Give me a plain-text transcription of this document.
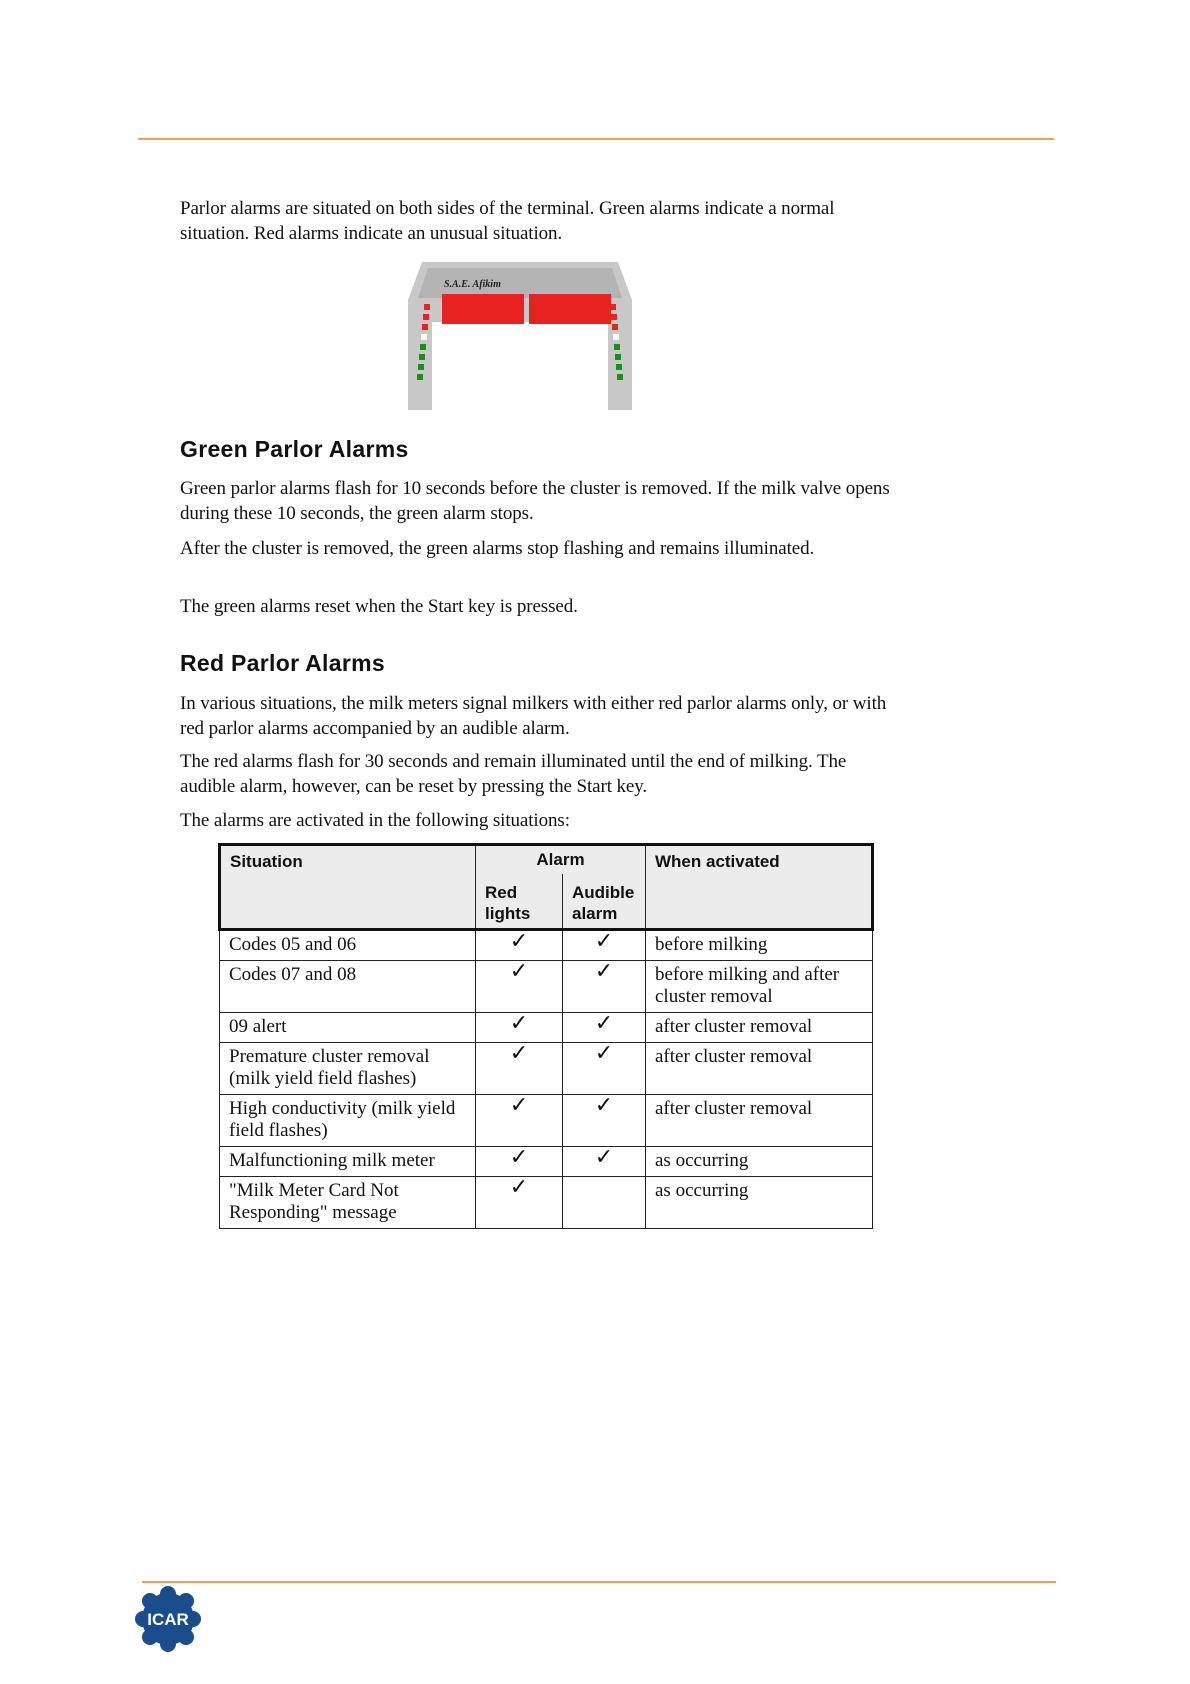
Parlor alarms are situated on both sides of the terminal. Green alarms indicate a normal situation. Red alarms indicate an unusual situation.

S.A.E. Afikim
Green Parlor Alarms

Green parlor alarms flash for 10 seconds before the cluster is removed. If the milk valve opens during these 10 seconds, the green alarm stops.

After the cluster is removed, the green alarms stop flashing and remains illuminated.

The green alarms reset when the Start key is pressed.

Red Parlor Alarms

In various situations, the milk meters signal milkers with either red parlor alarms only, or with red parlor alarms accompanied by an audible alarm.

The red alarms flash for 30 seconds and remain illuminated until the end of milking. The audible alarm, however, can be reset by pressing the Start key.

The alarms are activated in the following situations:

Situation	Alarm		When activated
	Red lights	Audible alarm	
Codes 05 and 06	✓	✓	before milking
Codes 07 and 08	✓	✓	before milking and after cluster removal
09 alert	✓	✓	after cluster removal
Premature cluster removal (milk yield field flashes)	✓	✓	after cluster removal
High conductivity (milk yield field flashes)	✓	✓	after cluster removal
Malfunctioning milk meter	✓	✓	as occurring
"Milk Meter Card Not Responding" message	✓		as occurring
ICAR
